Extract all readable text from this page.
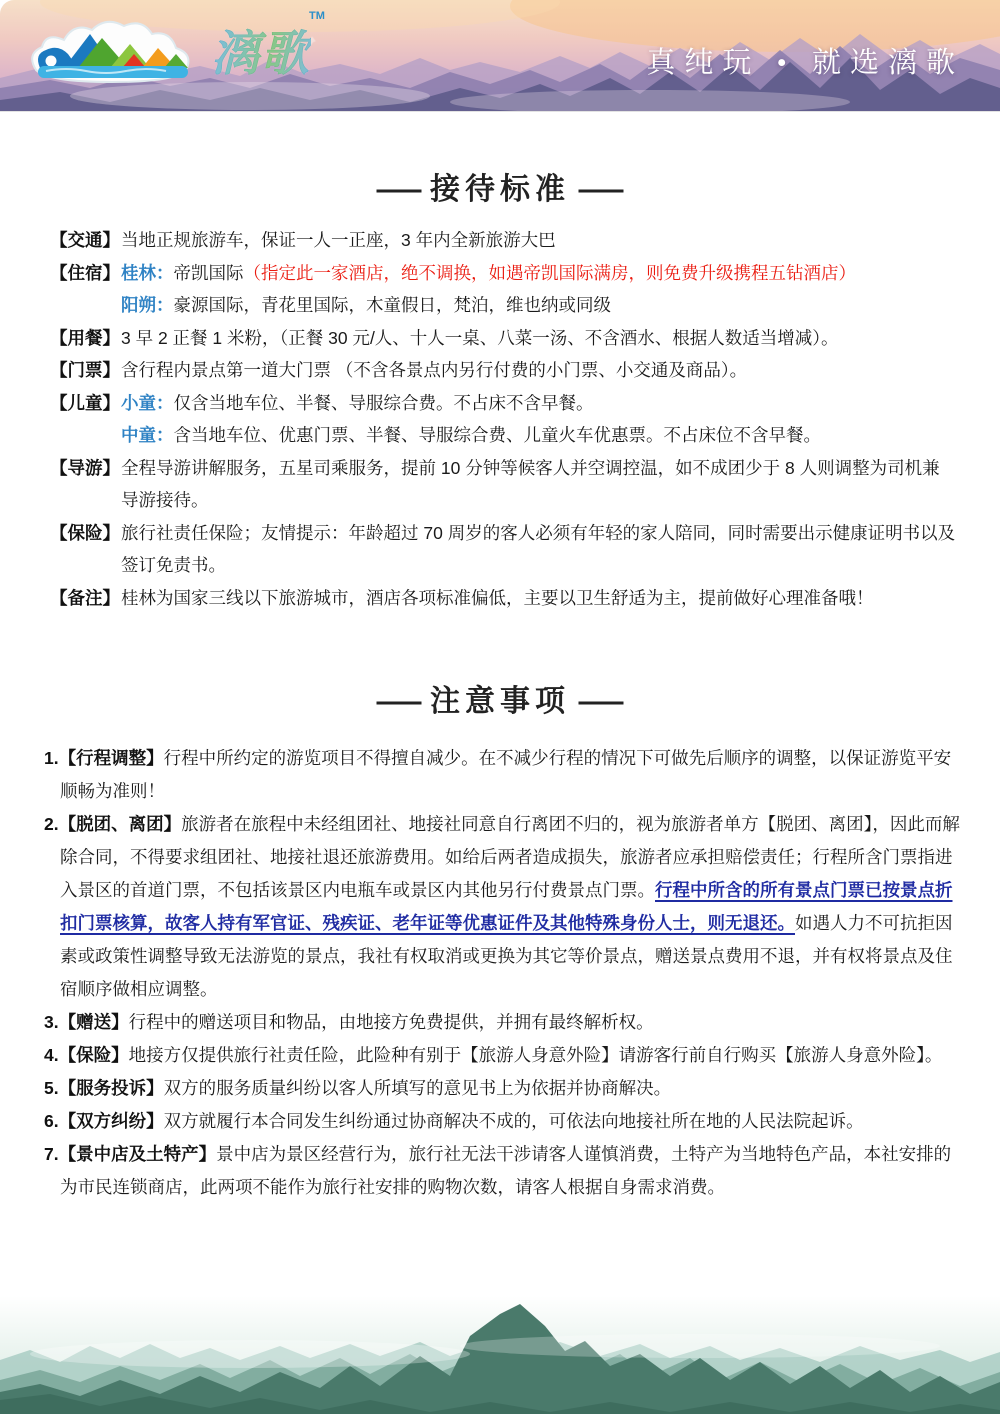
漓歌™
真纯玩 • 就选漓歌
— 接待标准 —
【交通】当地正规旅游车，保证一人一正座，3 年内全新旅游大巴
【住宿】桂林：帝凯国际（指定此一家酒店，绝不调换，如遇帝凯国际满房，则免费升级携程五钻酒店）
阳朔：豪源国际，青花里国际，木童假日，梵泊，维也纳或同级
【用餐】3 早 2 正餐 1 米粉，（正餐 30 元/人、十人一桌、八菜一汤、不含酒水、根据人数适当增减）。
【门票】含行程内景点第一道大门票 （不含各景点内另行付费的小门票、小交通及商品）。
【儿童】小童：仅含当地车位、半餐、导服综合费。不占床不含早餐。
中童：含当地车位、优惠门票、半餐、导服综合费、儿童火车优惠票。不占床位不含早餐。
【导游】全程导游讲解服务，五星司乘服务，提前 10 分钟等候客人并空调控温，如不成团少于 8 人则调整为司机兼导游接待。
【保险】旅行社责任保险；友情提示：年龄超过 70 周岁的客人必须有年轻的家人陪同，同时需要出示健康证明书以及签订免责书。
【备注】桂林为国家三线以下旅游城市，酒店各项标准偏低，主要以卫生舒适为主，提前做好心理准备哦！
— 注意事项 —
1.【行程调整】行程中所约定的游览项目不得擅自减少。在不减少行程的情况下可做先后顺序的调整，以保证游览平安顺畅为准则！
2.【脱团、离团】旅游者在旅程中未经组团社、地接社同意自行离团不归的，视为旅游者单方【脱团、离团】，因此而解除合同，不得要求组团社、地接社退还旅游费用。如给后两者造成损失，旅游者应承担赔偿责任；行程所含门票指进入景区的首道门票，不包括该景区内电瓶车或景区内其他另行付费景点门票。行程中所含的所有景点门票已按景点折扣门票核算，故客人持有军官证、残疾证、老年证等优惠证件及其他特殊身份人士，则无退还。如遇人力不可抗拒因素或政策性调整导致无法游览的景点，我社有权取消或更换为其它等价景点，赠送景点费用不退，并有权将景点及住宿顺序做相应调整。
3.【赠送】行程中的赠送项目和物品，由地接方免费提供，并拥有最终解析权。
4.【保险】地接方仅提供旅行社责任险，此险种有别于【旅游人身意外险】请游客行前自行购买【旅游人身意外险】。
5.【服务投诉】双方的服务质量纠纷以客人所填写的意见书上为依据并协商解决。
6.【双方纠纷】双方就履行本合同发生纠纷通过协商解决不成的，可依法向地接社所在地的人民法院起诉。
7.【景中店及土特产】景中店为景区经营行为，旅行社无法干涉请客人谨慎消费，土特产为当地特色产品，本社安排的为市民连锁商店，此两项不能作为旅行社安排的购物次数，请客人根据自身需求消费。
